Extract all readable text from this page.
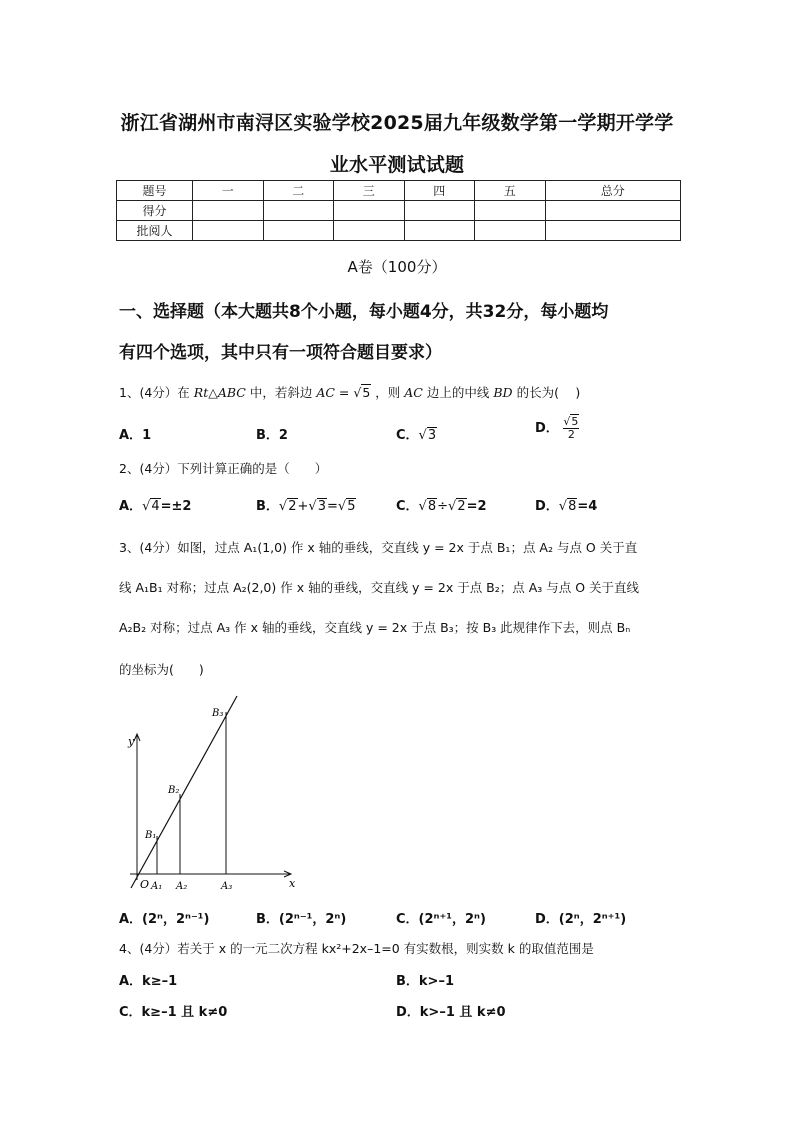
浙江省湖州市南浔区实验学校2025届九年级数学第一学期开学学
业水平测试试题
题号	一	二	三	四	五	总分
得分						
批阅人						
A卷（100分）
一、选择题（本大题共8个小题，每小题4分，共32分，每小题均
有四个选项，其中只有一项符合题目要求）
1、(4分）在 Rt△ABC 中，若斜边 AC = √5 ，则 AC 边上的中线 BD 的长为(　 )
A．1	B．2	C．√3	D． $\frac{√5}{2}$
2、(4分）下列计算正确的是（　　）
A．√4=±2	B．√2+√3=√5	C．√8÷√2=2	D．√8=4
3、(4分）如图，过点 A₁(1,0) 作 x 轴的垂线，交直线 y = 2x 于点 B₁；点 A₂ 与点 O 关于直
线 A₁B₁ 对称；过点 A₂(2,0) 作 x 轴的垂线，交直线 y = 2x 于点 B₂；点 A₃ 与点 O 关于直线
A₂B₂ 对称；过点 A₃ 作 x 轴的垂线，交直线 y = 2x 于点 B₃；按 B₃ 此规律作下去，则点 Bₙ
的坐标为(　　)
y
x
O A₁ A₂	A₃
B₁
B₂
B₃
A．(2ⁿ，2ⁿ⁻¹)	B．(2ⁿ⁻¹，2ⁿ)	C．(2ⁿ⁺¹，2ⁿ)	D．(2ⁿ，2ⁿ⁺¹)
4、(4分）若关于 x 的一元二次方程 kx²+2x–1=0 有实数根，则实数 k 的取值范围是
A．k≥–1	B．k>–1
C．k≥–1 且 k≠0	D．k>–1 且 k≠0
